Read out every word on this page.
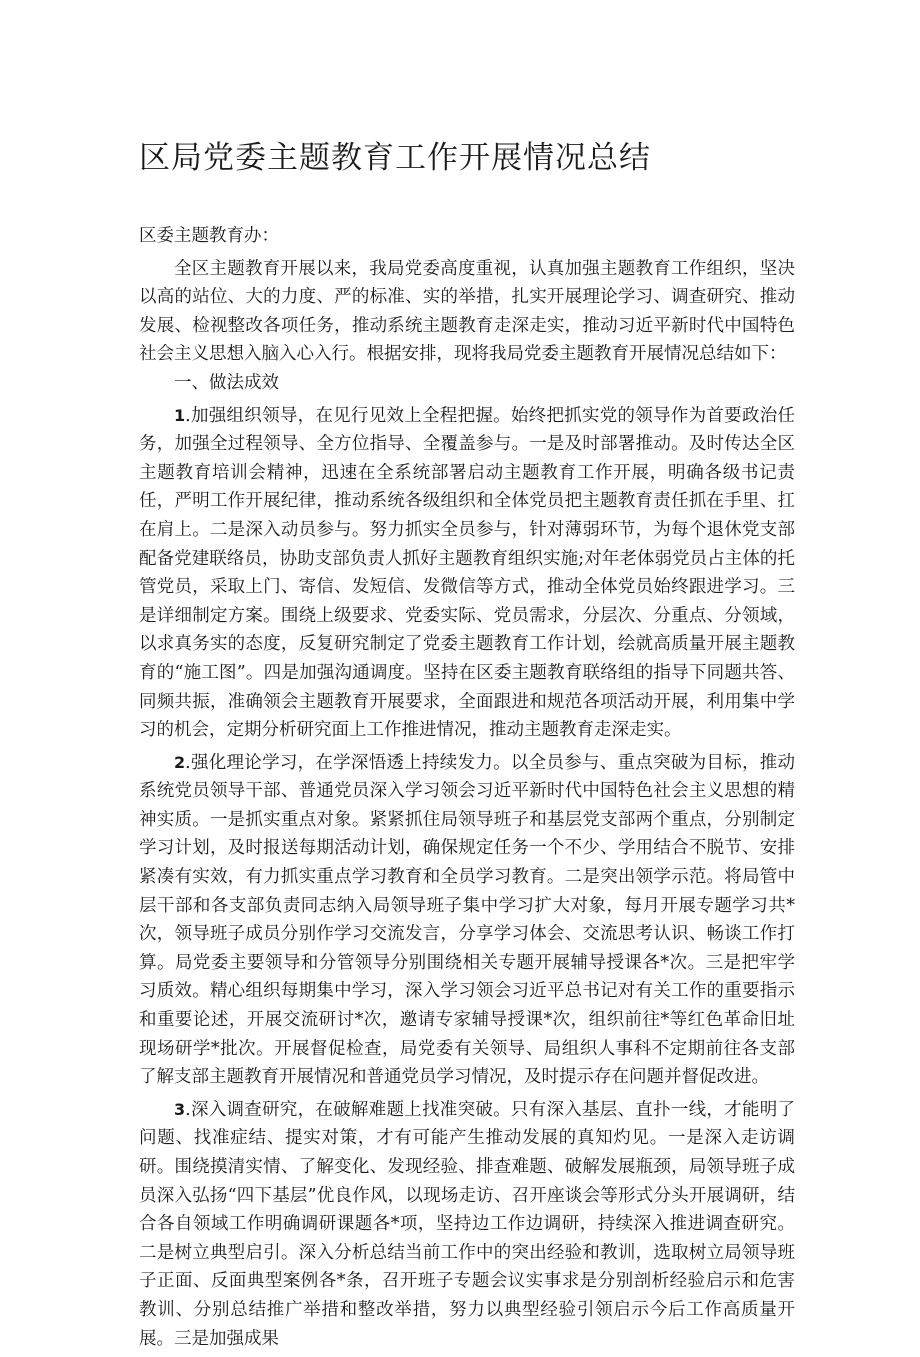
区局党委主题教育工作开展情况总结

区委主题教育办：

全区主题教育开展以来，我局党委高度重视，认真加强主题教育工作组织，坚决以高的站位、大的力度、严的标准、实的举措，扎实开展理论学习、调查研究、推动发展、检视整改各项任务，推动系统主题教育走深走实，推动习近平新时代中国特色社会主义思想入脑入心入行。根据安排，现将我局党委主题教育开展情况总结如下：

一、做法成效

1.加强组织领导，在见行见效上全程把握。始终把抓实党的领导作为首要政治任务，加强全过程领导、全方位指导、全覆盖参与。一是及时部署推动。及时传达全区主题教育培训会精神，迅速在全系统部署启动主题教育工作开展，明确各级书记责任，严明工作开展纪律，推动系统各级组织和全体党员把主题教育责任抓在手里、扛在肩上。二是深入动员参与。努力抓实全员参与，针对薄弱环节，为每个退休党支部配备党建联络员，协助支部负责人抓好主题教育组织实施;对年老体弱党员占主体的托管党员，采取上门、寄信、发短信、发微信等方式，推动全体党员始终跟进学习。三是详细制定方案。围绕上级要求、党委实际、党员需求，分层次、分重点、分领域，以求真务实的态度，反复研究制定了党委主题教育工作计划，绘就高质量开展主题教育的“施工图”。四是加强沟通调度。坚持在区委主题教育联络组的指导下同题共答、同频共振，准确领会主题教育开展要求，全面跟进和规范各项活动开展，利用集中学习的机会，定期分析研究面上工作推进情况，推动主题教育走深走实。

2.强化理论学习，在学深悟透上持续发力。以全员参与、重点突破为目标，推动系统党员领导干部、普通党员深入学习领会习近平新时代中国特色社会主义思想的精神实质。一是抓实重点对象。紧紧抓住局领导班子和基层党支部两个重点，分别制定学习计划，及时报送每期活动计划，确保规定任务一个不少、学用结合不脱节、安排紧凑有实效，有力抓实重点学习教育和全员学习教育。二是突出领学示范。将局管中层干部和各支部负责同志纳入局领导班子集中学习扩大对象，每月开展专题学习共*次，领导班子成员分别作学习交流发言，分享学习体会、交流思考认识、畅谈工作打算。局党委主要领导和分管领导分别围绕相关专题开展辅导授课各*次。三是把牢学习质效。精心组织每期集中学习，深入学习领会习近平总书记对有关工作的重要指示和重要论述，开展交流研讨*次，邀请专家辅导授课*次，组织前往*等红色革命旧址现场研学*批次。开展督促检查，局党委有关领导、局组织人事科不定期前往各支部了解支部主题教育开展情况和普通党员学习情况，及时提示存在问题并督促改进。

3.深入调查研究，在破解难题上找准突破。只有深入基层、直扑一线，才能明了问题、找准症结、提实对策，才有可能产生推动发展的真知灼见。一是深入走访调研。围绕摸清实情、了解变化、发现经验、排查难题、破解发展瓶颈，局领导班子成员深入弘扬“四下基层”优良作风，以现场走访、召开座谈会等形式分头开展调研，结合各自领域工作明确调研课题各*项，坚持边工作边调研，持续深入推进调查研究。二是树立典型启引。深入分析总结当前工作中的突出经验和教训，选取树立局领导班子正面、反面典型案例各*条，召开班子专题会议实事求是分别剖析经验启示和危害教训、分别总结推广举措和整改举措，努力以典型经验引领启示今后工作高质量开展。三是加强成果
